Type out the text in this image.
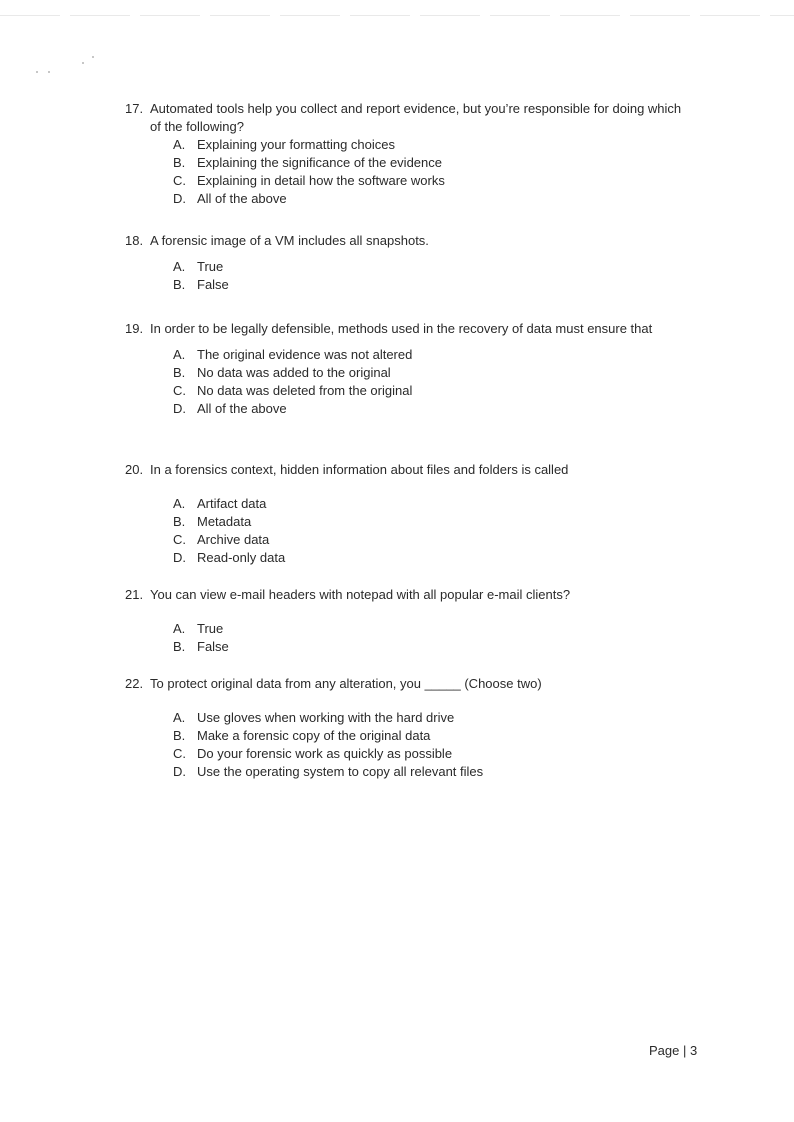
17. Automated tools help you collect and report evidence, but you’re responsible for doing which of the following?
A. Explaining your formatting choices
B. Explaining the significance of the evidence
C. Explaining in detail how the software works
D. All of the above
18. A forensic image of a VM includes all snapshots.
A. True
B. False
19. In order to be legally defensible, methods used in the recovery of data must ensure that
A. The original evidence was not altered
B. No data was added to the original
C. No data was deleted from the original
D. All of the above
20. In a forensics context, hidden information about files and folders is called
A. Artifact data
B. Metadata
C. Archive data
D. Read-only data
21. You can view e-mail headers with notepad with all popular e-mail clients?
A. True
B. False
22. To protect original data from any alteration, you _____ (Choose two)
A. Use gloves when working with the hard drive
B. Make a forensic copy of the original data
C. Do your forensic work as quickly as possible
D. Use the operating system to copy all relevant files
Page | 3
